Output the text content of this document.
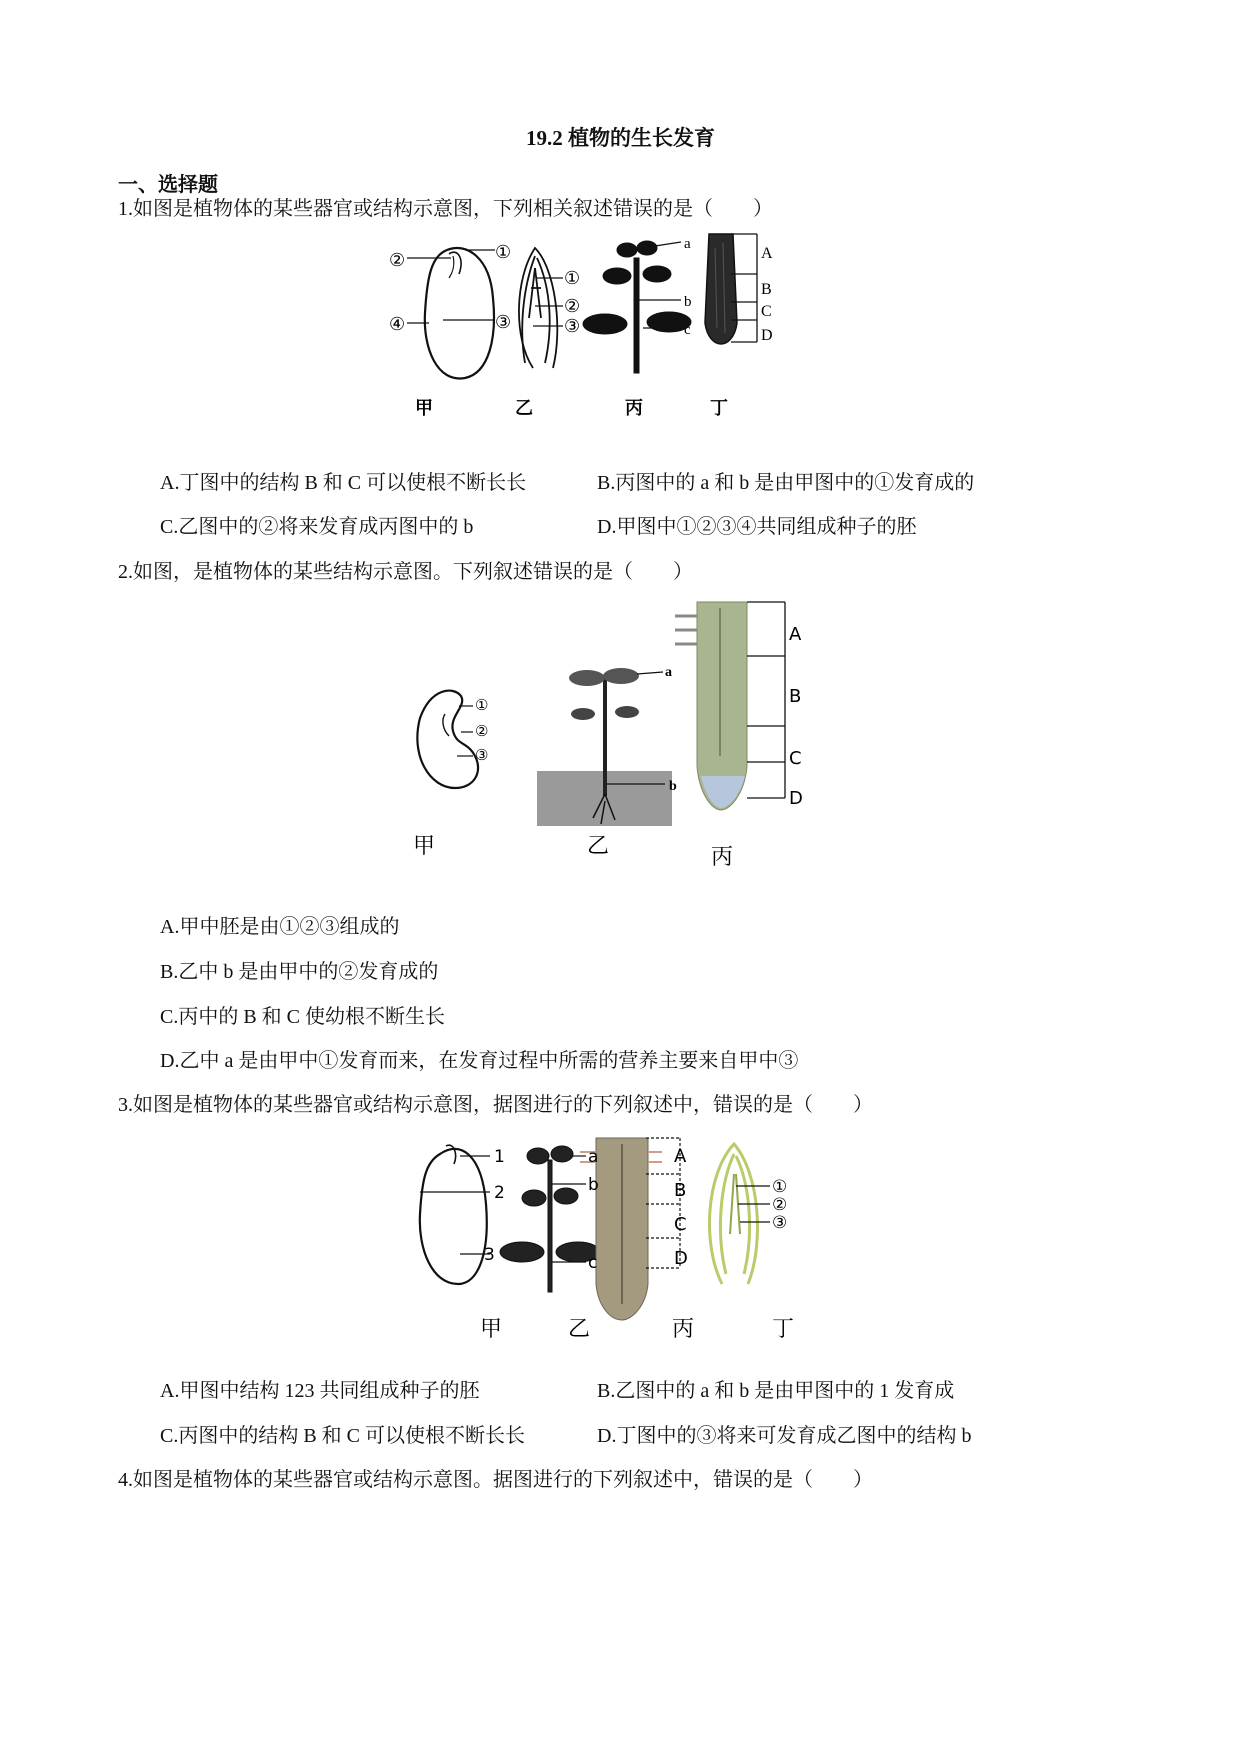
19.2 植物的生长发育
一、选择题
1.如图是植物体的某些器官或结构示意图，下列相关叙述错误的是（　　）
②	①
④	③
①
②
③
a
b
c
A
B
C
D
甲	乙	丙	丁
A.丁图中的结构 B 和 C 可以使根不断长长	B.丙图中的 a 和 b 是由甲图中的①发育成的
C.乙图中的②将来发育成丙图中的 b	D.甲图中①②③④共同组成种子的胚
2.如图，是植物体的某些结构示意图。下列叙述错误的是（　　）
①
②
③
a
b
A
B
C
D
甲	乙	丙
A.甲中胚是由①②③组成的
B.乙中 b 是由甲中的②发育成的
C.丙中的 B 和 C 使幼根不断生长
D.乙中 a 是由甲中①发育而来，在发育过程中所需的营养主要来自甲中③
3.如图是植物体的某些器官或结构示意图，据图进行的下列叙述中，错误的是（　　）
1
2
3
a
b
c
A
B
C
D
①
②
③
甲	乙	丙	丁
A.甲图中结构 123 共同组成种子的胚	B.乙图中的 a 和 b 是由甲图中的 1 发育成
C.丙图中的结构 B 和 C 可以使根不断长长	D.丁图中的③将来可发育成乙图中的结构 b
4.如图是植物体的某些器官或结构示意图。据图进行的下列叙述中，错误的是（　　）
